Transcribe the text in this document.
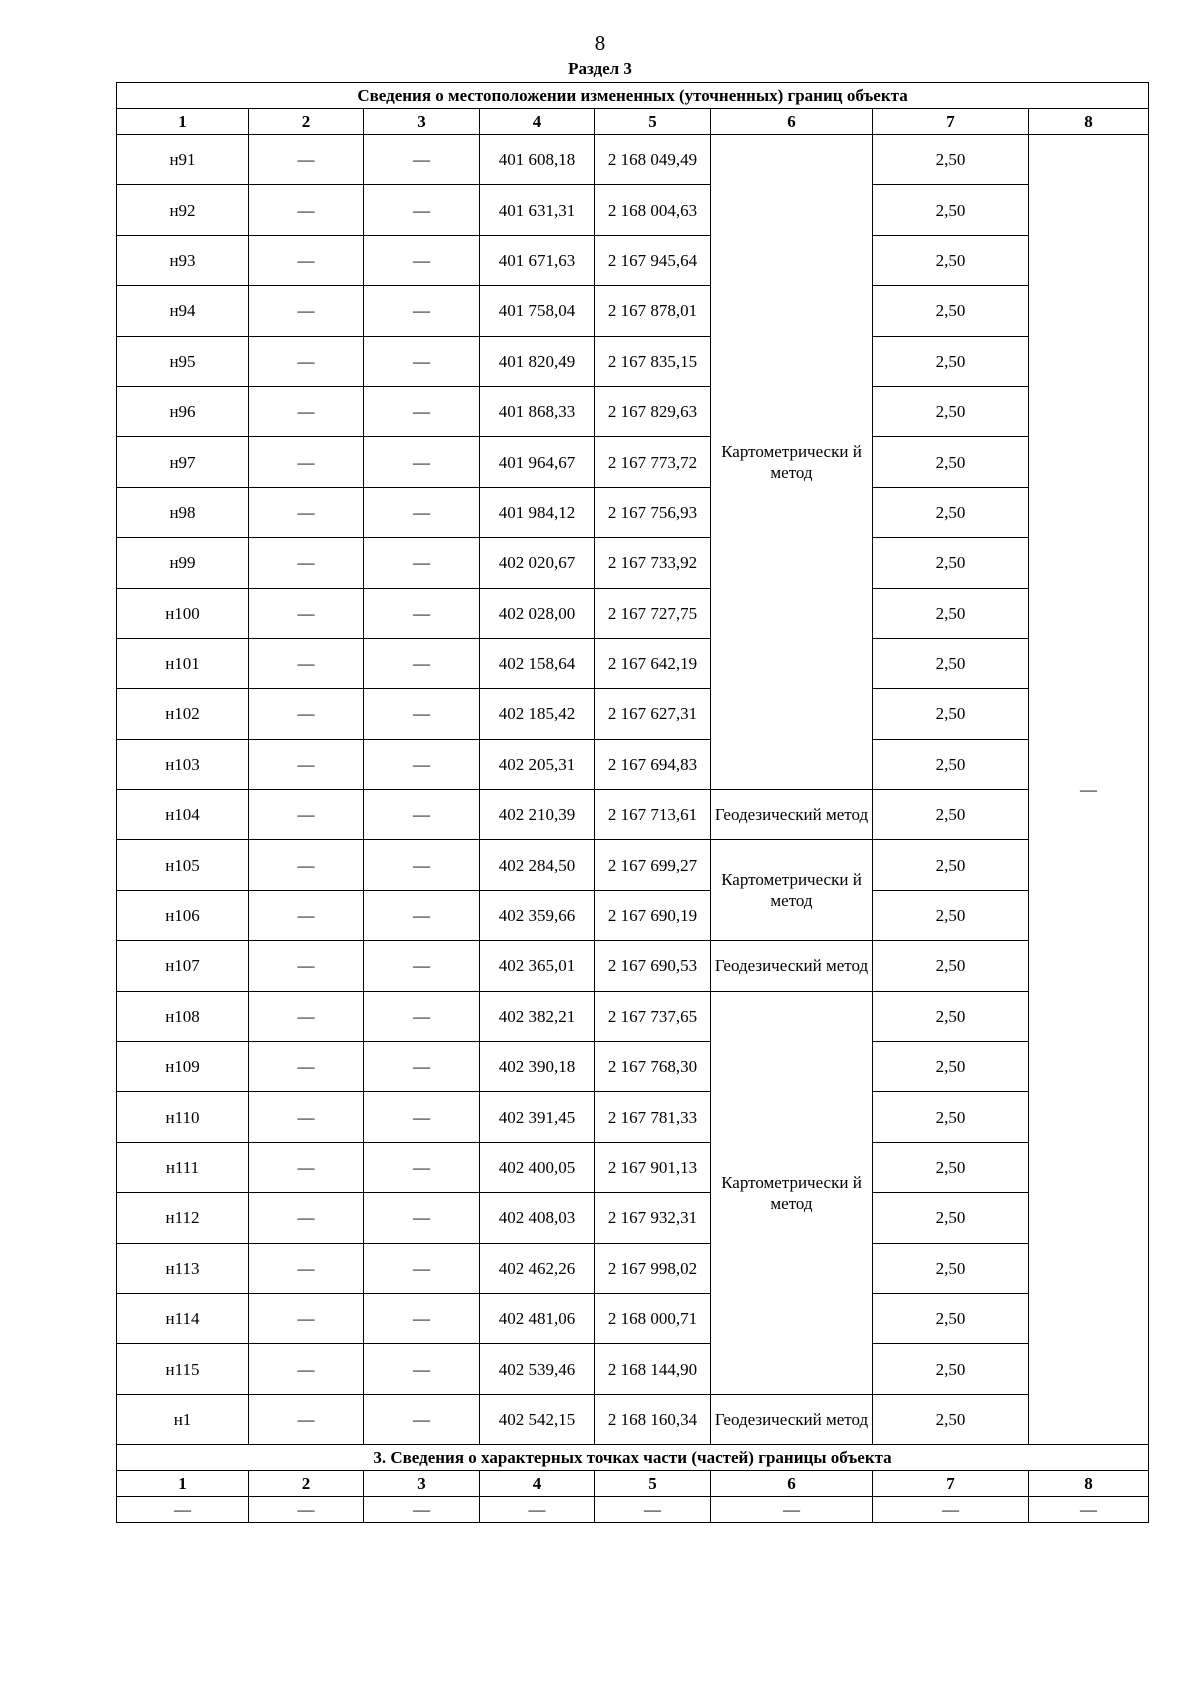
8
Раздел 3
Сведения о местоположении измененных (уточненных) границ объекта							
1	2	3	4	5	6	7	8
н91	—	—	401 608,18	2 168 049,49	Картометрически й метод	2,50	—
н92	—	—	401 631,31	2 168 004,63		2,50	
н93	—	—	401 671,63	2 167 945,64		2,50	
н94	—	—	401 758,04	2 167 878,01		2,50	
н95	—	—	401 820,49	2 167 835,15		2,50	
н96	—	—	401 868,33	2 167 829,63		2,50	
н97	—	—	401 964,67	2 167 773,72		2,50	
н98	—	—	401 984,12	2 167 756,93		2,50	
н99	—	—	402 020,67	2 167 733,92		2,50	
н100	—	—	402 028,00	2 167 727,75		2,50	
н101	—	—	402 158,64	2 167 642,19		2,50	
н102	—	—	402 185,42	2 167 627,31		2,50	
н103	—	—	402 205,31	2 167 694,83		2,50	
н104	—	—	402 210,39	2 167 713,61	Геодезический метод	2,50	
н105	—	—	402 284,50	2 167 699,27	Картометрически й метод	2,50	
н106	—	—	402 359,66	2 167 690,19		2,50	
н107	—	—	402 365,01	2 167 690,53	Геодезический метод	2,50	
н108	—	—	402 382,21	2 167 737,65	Картометрически й метод	2,50	
н109	—	—	402 390,18	2 167 768,30		2,50	
н110	—	—	402 391,45	2 167 781,33		2,50	
н111	—	—	402 400,05	2 167 901,13		2,50	
н112	—	—	402 408,03	2 167 932,31		2,50	
н113	—	—	402 462,26	2 167 998,02		2,50	
н114	—	—	402 481,06	2 168 000,71		2,50	
н115	—	—	402 539,46	2 168 144,90		2,50	
н1	—	—	402 542,15	2 168 160,34	Геодезический метод	2,50	
3. Сведения о характерных точках части (частей) границы объекта							
1	2	3	4	5	6	7	8
—	—	—	—	—	—	—	—
